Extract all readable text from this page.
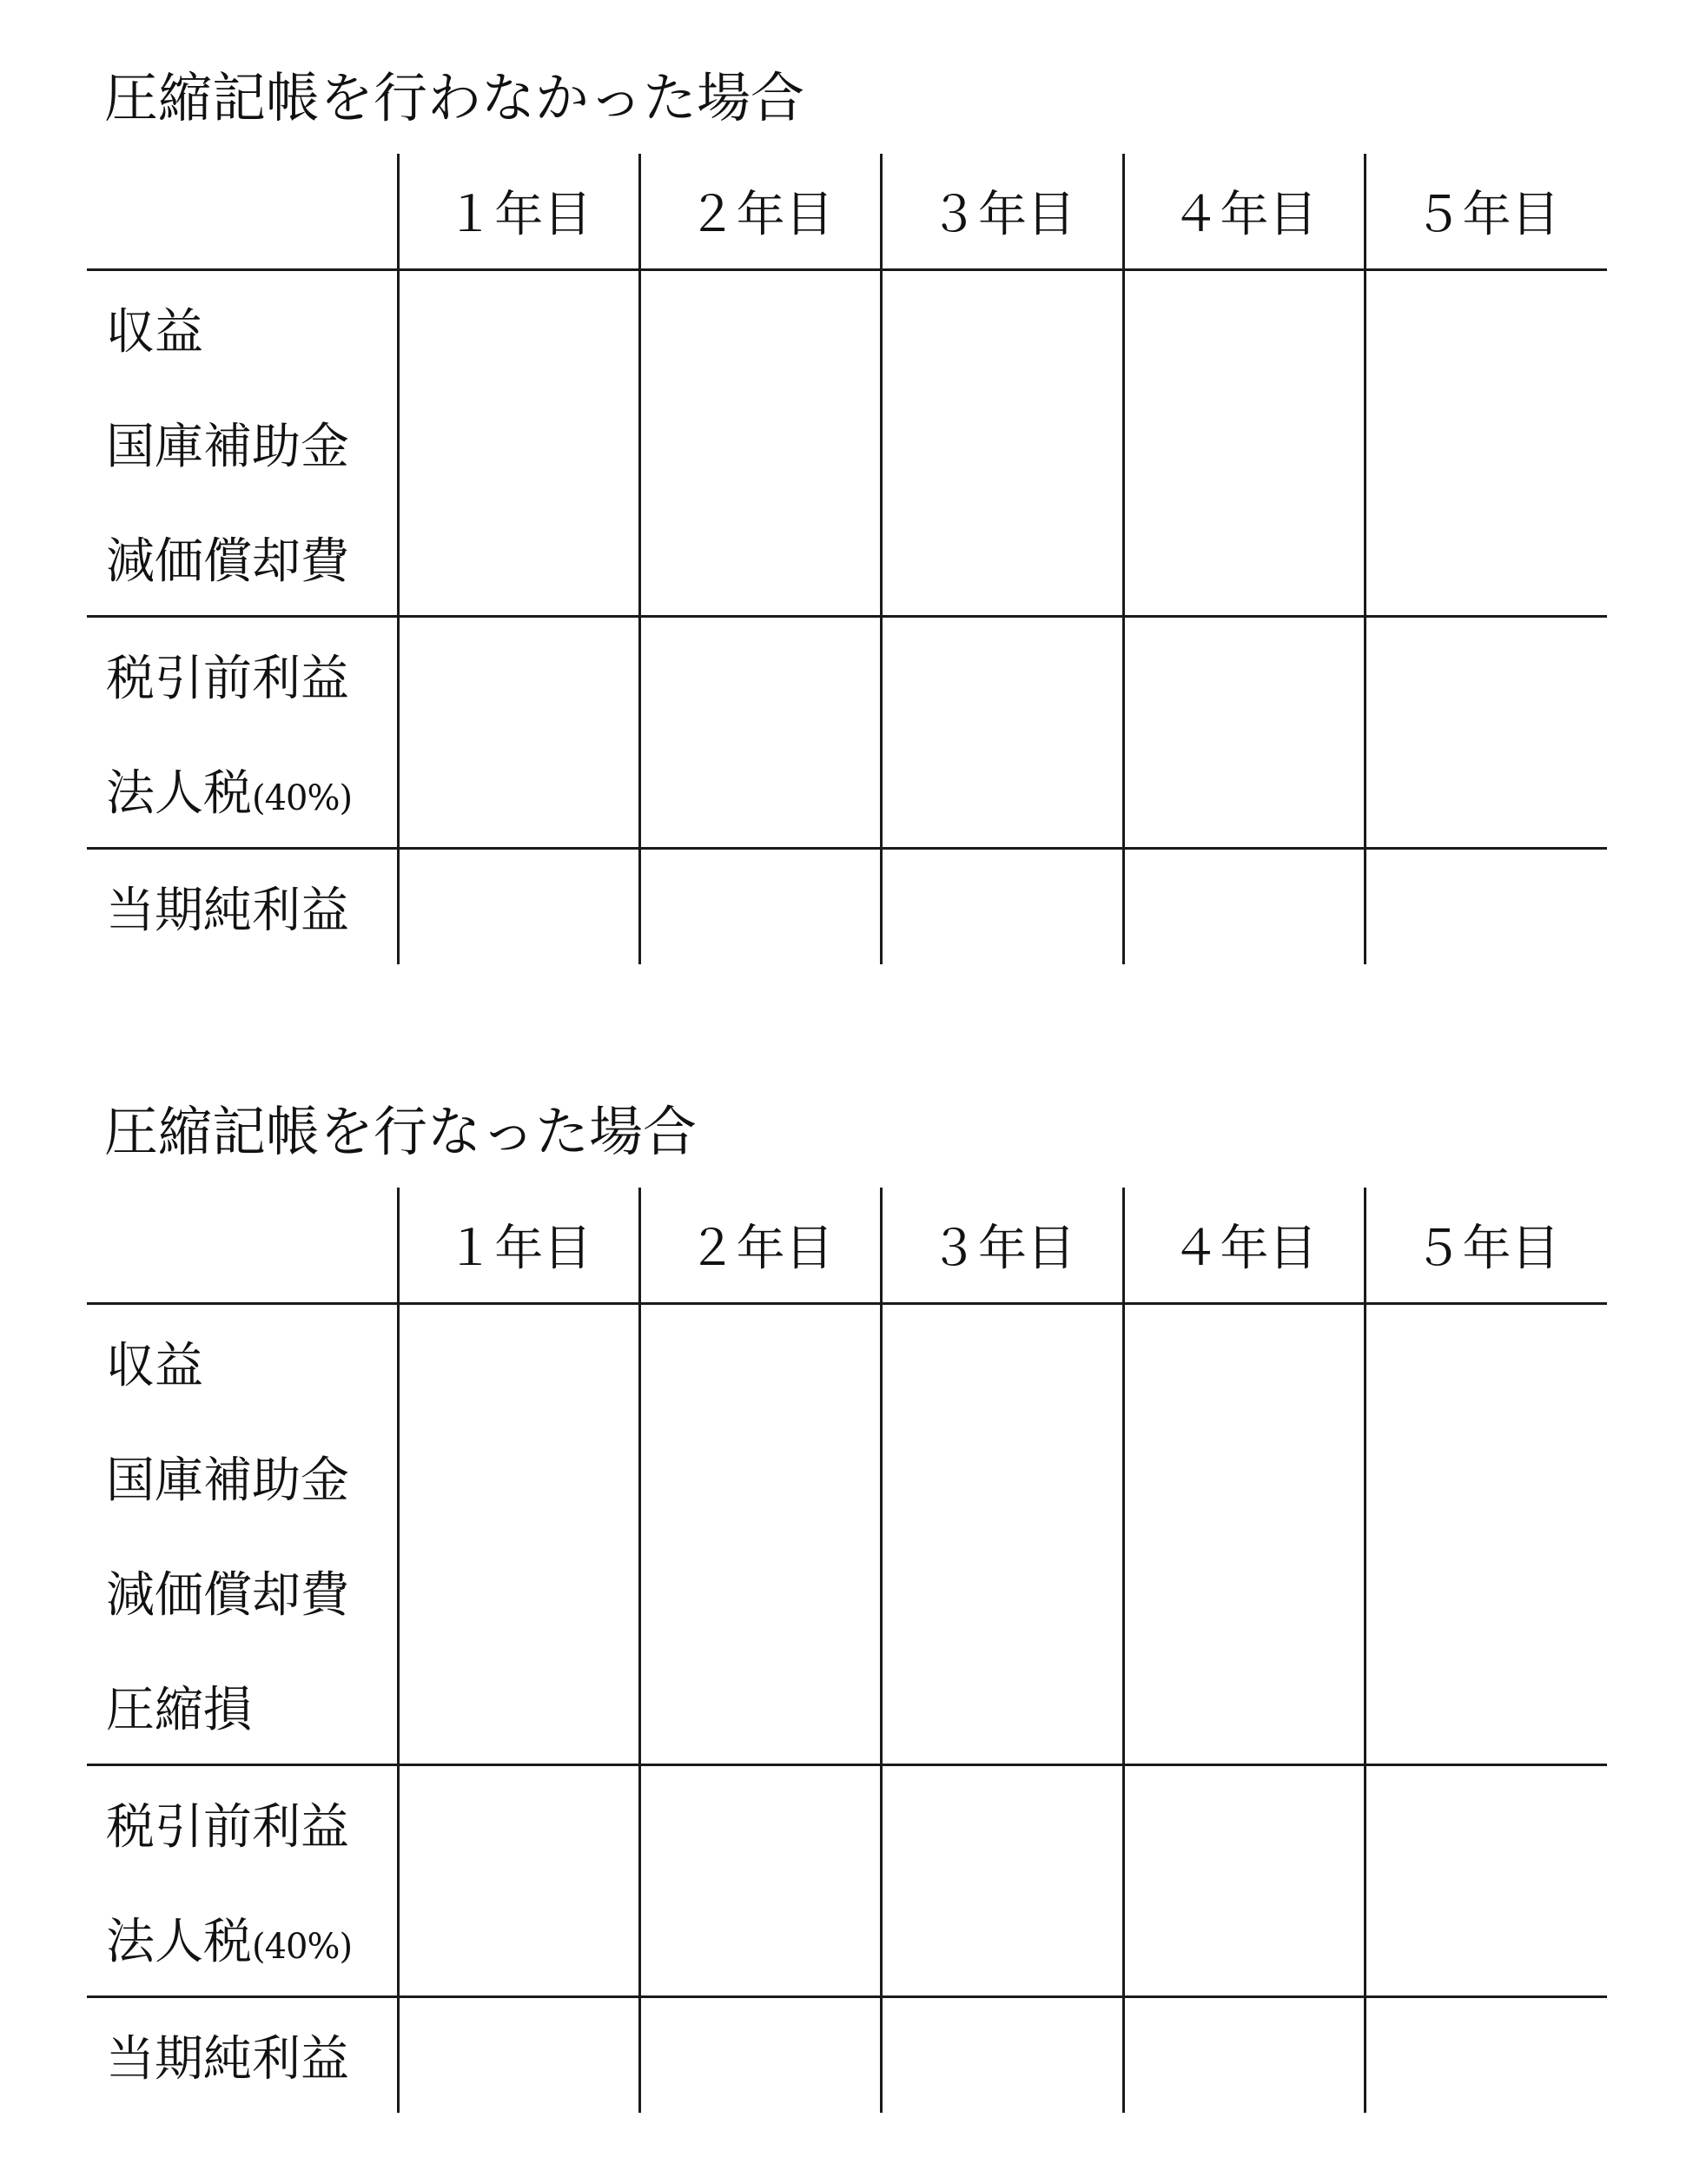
圧縮記帳を行わなかった場合
	１年目	２年目	３年目	４年目	５年目
収益					
国庫補助金					
減価償却費					
税引前利益					
法人税(40%)					
当期純利益					
圧縮記帳を行なった場合
	１年目	２年目	３年目	４年目	５年目
収益					
国庫補助金					
減価償却費					
圧縮損					
税引前利益					
法人税(40%)					
当期純利益					
